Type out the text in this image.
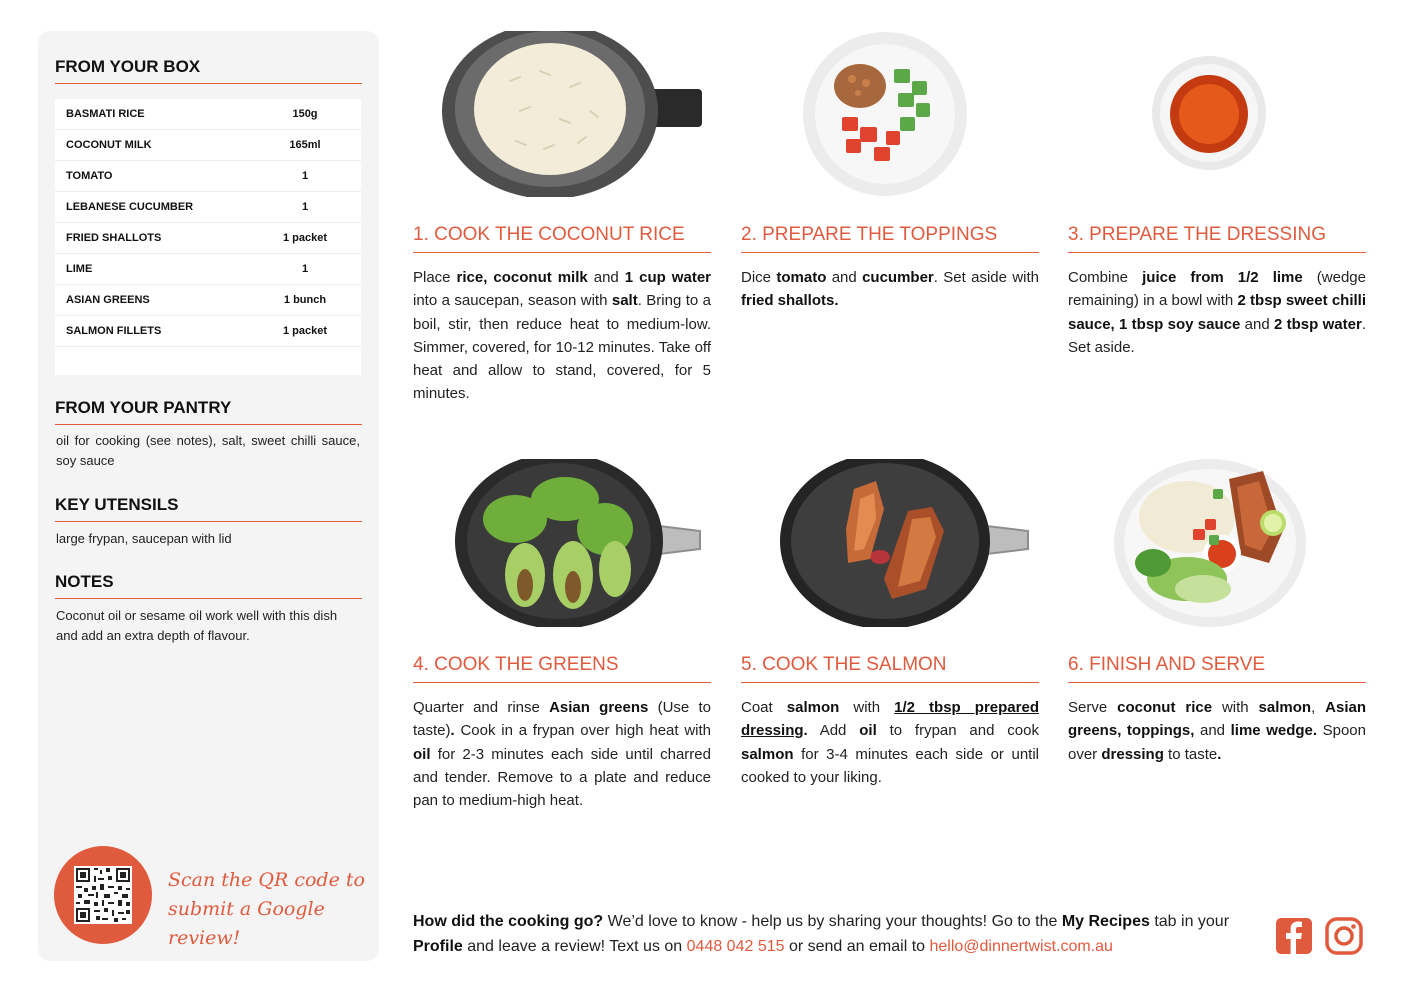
FROM YOUR BOX
BASMATI RICE	150g
COCONUT MILK	165ml
TOMATO	1
LEBANESE CUCUMBER	1
FRIED SHALLOTS	1 packet
LIME	1
ASIAN GREENS	1 bunch
SALMON FILLETS	1 packet
FROM YOUR PANTRY
oil for cooking (see notes), salt, sweet chilli sauce, soy sauce
KEY UTENSILS
large frypan, saucepan with lid
NOTES
Coconut oil or sesame oil work well with this dish and add an extra depth of flavour.
Scan the QR code to
submit a Google review!
1. COOK THE COCONUT RICE	2. PREPARE THE TOPPINGS	3. PREPARE THE DRESSING
4. COOK THE GREENS	5. COOK THE SALMON	6. FINISH AND SERVE
Place rice, coconut milk and 1 cup water into a saucepan, season with salt. Bring to a boil, stir, then reduce heat to medium-low. Simmer, covered, for 10-12 minutes. Take off heat and allow to stand, covered, for 5 minutes.
Dice tomato and cucumber. Set aside with fried shallots.
Combine juice from 1/2 lime (wedge remaining) in a bowl with 2 tbsp sweet chilli sauce, 1 tbsp soy sauce and 2 tbsp water. Set aside.
Quarter and rinse Asian greens (Use to taste). Cook in a frypan over high heat with oil for 2-3 minutes each side until charred and tender. Remove to a plate and reduce pan to medium-high heat.
Coat salmon with 1/2 tbsp prepared dressing. Add oil to frypan and cook salmon for 3-4 minutes each side or until cooked to your liking.
Serve coconut rice with salmon, Asian greens, toppings, and lime wedge. Spoon over dressing to taste.
How did the cooking go? We’d love to know - help us by sharing your thoughts! Go to the My Recipes tab in your Profile and leave a review! Text us on 0448 042 515 or send an email to hello@dinnertwist.com.au
